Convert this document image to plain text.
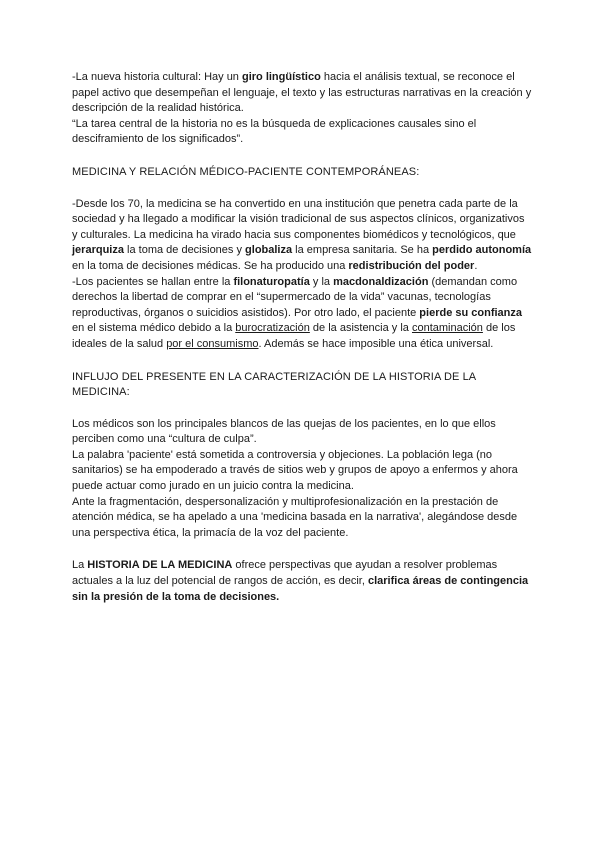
-La nueva historia cultural: Hay un giro lingüístico hacia el análisis textual, se reconoce el papel activo que desempeñan el lenguaje, el texto y las estructuras narrativas en la creación y descripción de la realidad histórica.

“La tarea central de la historia no es la búsqueda de explicaciones causales sino el desciframiento de los significados”.

MEDICINA Y RELACIÓN MÉDICO-PACIENTE CONTEMPORÁNEAS:

-Desde los 70, la medicina se ha convertido en una institución que penetra cada parte de la sociedad y ha llegado a modificar la visión tradicional de sus aspectos clínicos, organizativos y culturales. La medicina ha virado hacia sus componentes biomédicos y tecnológicos, que jerarquiza la toma de decisiones y globaliza la empresa sanitaria. Se ha perdido autonomía en la toma de decisiones médicas. Se ha producido una redistribución del poder.

-Los pacientes se hallan entre la filonaturopatía y la macdonaldización (demandan como derechos la libertad de comprar en el “supermercado de la vida” vacunas, tecnologías reproductivas, órganos o suicidios asistidos). Por otro lado, el paciente pierde su confianza en el sistema médico debido a la burocratización de la asistencia y la contaminación de los ideales de la salud por el consumismo. Además se hace imposible una ética universal.

INFLUJO DEL PRESENTE EN LA CARACTERIZACIÓN DE LA HISTORIA DE LA MEDICINA:

Los médicos son los principales blancos de las quejas de los pacientes, en lo que ellos perciben como una “cultura de culpa”.

La palabra 'paciente' está sometida a controversia y objeciones. La población lega (no sanitarios) se ha empoderado a través de sitios web y grupos de apoyo a enfermos y ahora puede actuar como jurado en un juicio contra la medicina.

Ante la fragmentación, despersonalización y multiprofesionalización en la prestación de atención médica, se ha apelado a una 'medicina basada en la narrativa', alegándose desde una perspectiva ética, la primacía de la voz del paciente.

La HISTORIA DE LA MEDICINA ofrece perspectivas que ayudan a resolver problemas actuales a la luz del potencial de rangos de acción, es decir, clarifica áreas de contingencia sin la presión de la toma de decisiones.
